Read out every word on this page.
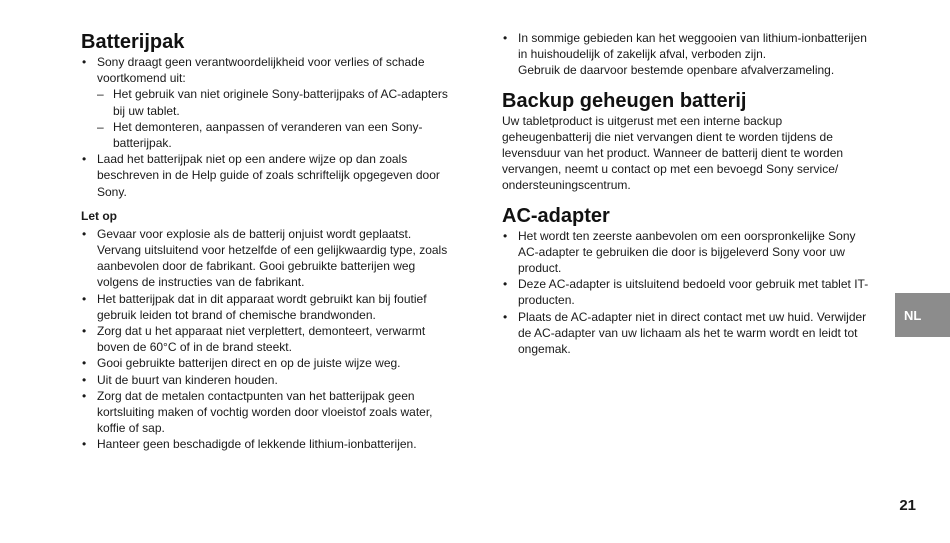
Batterijpak
• Sony draagt geen verantwoordelijkheid voor verlies of schade voortkomend uit:
– Het gebruik van niet originele Sony-batterijpaks of AC-adapters bij uw tablet.
– Het demonteren, aanpassen of veranderen van een Sony-batterijpak.
• Laad het batterijpak niet op een andere wijze op dan zoals beschreven in de Help guide of zoals schriftelijk opgegeven door Sony.
Let op
• Gevaar voor explosie als de batterij onjuist wordt geplaatst. Vervang uitsluitend voor hetzelfde of een gelijkwaardig type, zoals aanbevolen door de fabrikant. Gooi gebruikte batterijen weg volgens de instructies van de fabrikant.
• Het batterijpak dat in dit apparaat wordt gebruikt kan bij foutief gebruik leiden tot brand of chemische brandwonden.
• Zorg dat u het apparaat niet verplettert, demonteert, verwarmt boven de 60°C of in de brand steekt.
• Gooi gebruikte batterijen direct en op de juiste wijze weg.
• Uit de buurt van kinderen houden.
• Zorg dat de metalen contactpunten van het batterijpak geen kortsluiting maken of vochtig worden door vloeistof zoals water, koffie of sap.
• Hanteer geen beschadigde of lekkende lithium-ionbatterijen.
• In sommige gebieden kan het weggooien van lithium-ionbatterijen in huishoudelijk of zakelijk afval, verboden zijn.
Gebruik de daarvoor bestemde openbare afvalverzameling.
Backup geheugen batterij

Uw tabletproduct is uitgerust met een interne backup geheugenbatterij die niet vervangen dient te worden tijdens de levensduur van het product. Wanneer de batterij dient te worden vervangen, neemt u contact op met een bevoegd Sony service/ ondersteuningscentrum.

AC-adapter
• Het wordt ten zeerste aanbevolen om een oorspronkelijke Sony AC-adapter te gebruiken die door is bijgeleverd Sony voor uw product.
• Deze AC-adapter is uitsluitend bedoeld voor gebruik met tablet IT-producten.
• Plaats de AC-adapter niet in direct contact met uw huid. Verwijder de AC-adapter van uw lichaam als het te warm wordt en leidt tot ongemak.
NL
21
